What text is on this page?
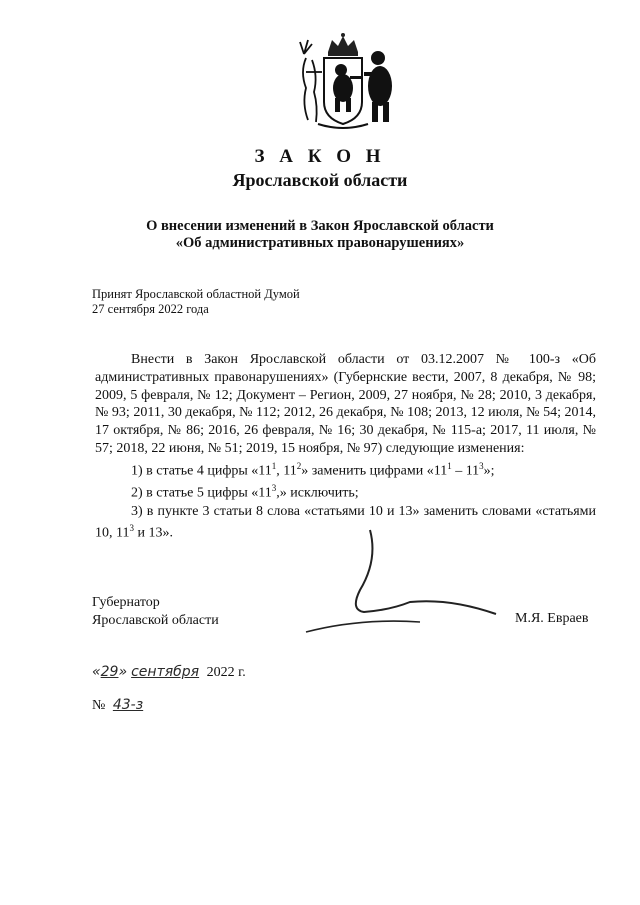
З А К О Н
Ярославской области
О внесении изменений в Закон Ярославской области
«Об административных правонарушениях»
Принят Ярославской областной Думой
27 сентября 2022 года

Внести в Закон Ярославской области от 03.12.2007 № 100-з «Об административных правонарушениях» (Губернские вести, 2007, 8 декабря, № 98; 2009, 5 февраля, № 12; Документ – Регион, 2009, 27 ноября, № 28; 2010, 3 декабря, № 93; 2011, 30 декабря, № 112; 2012, 26 декабря, № 108; 2013, 12 июля, № 54; 2014, 17 октября, № 86; 2016, 26 февраля, № 16; 30 декабря, № 115-а; 2017, 11 июля, № 57; 2018, 22 июня, № 51; 2019, 15 ноября, № 97) следующие изменения:

1) в статье 4 цифры «$11^1$, $11^2$» заменить цифрами «$11^1 - 11^3$»;

2) в статье 5 цифры «$11^3$,» исключить;

3) в пункте 3 статьи 8 слова «статьями 10 и 13» заменить словами «статьями 10, $11^3$ и 13».

Губернатор
Ярославской области	М.Я. Евраев
«29» сентября 2022 г.
№ 43-з
